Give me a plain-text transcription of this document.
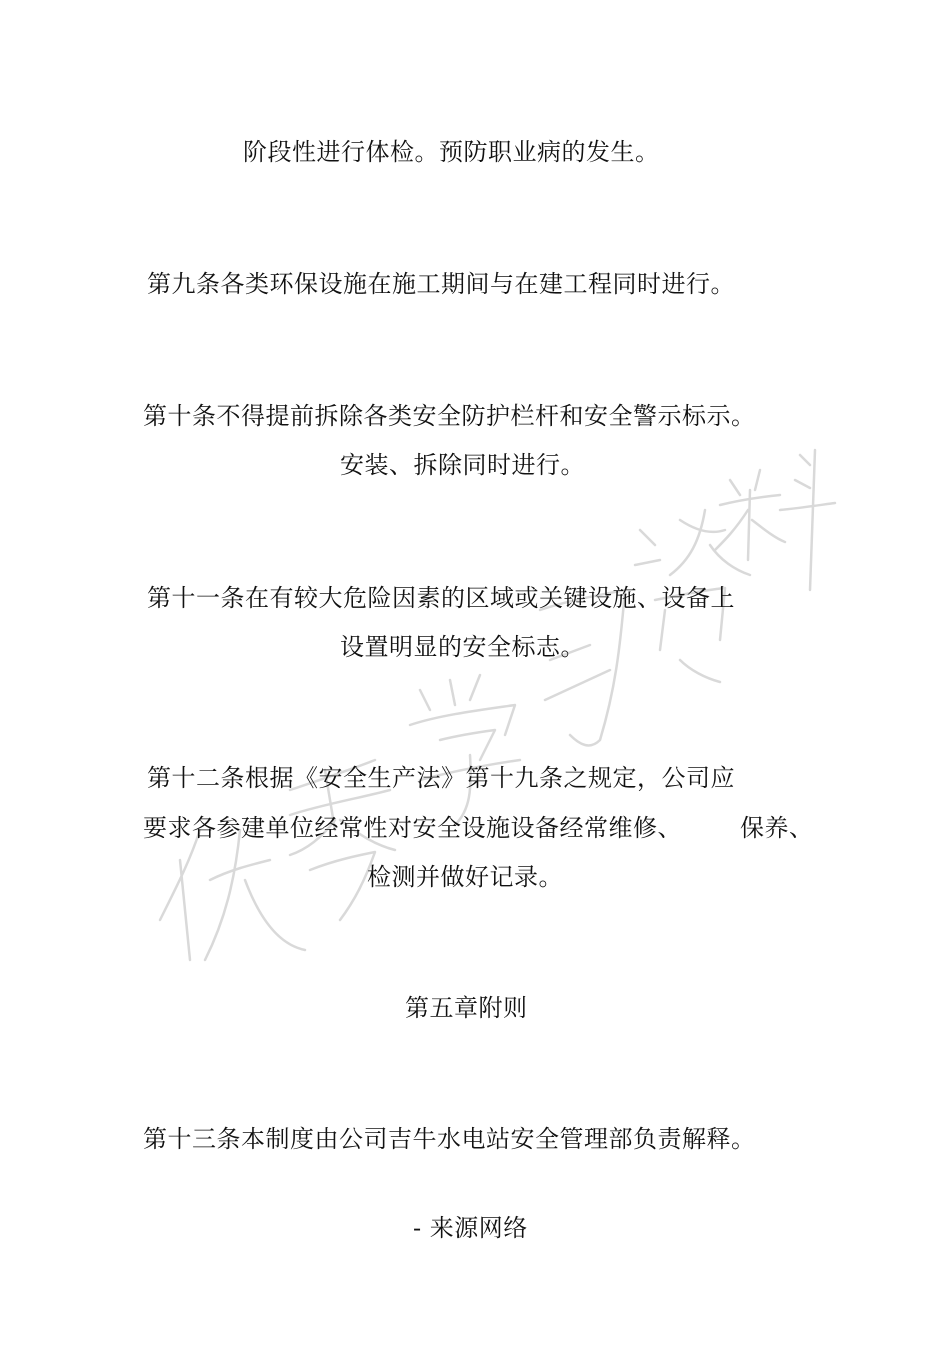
阶段性进行体检。预防职业病的发生。
第九条各类环保设施在施工期间与在建工程同时进行。
第十条不得提前拆除各类安全防护栏杆和安全警示标示。
安装、拆除同时进行。
第十一条在有较大危险因素的区域或关键设施、设备上
设置明显的安全标志。
第十二条根据《安全生产法》第十九条之规定，公司应
要求各参建单位经常性对安全设施设备经常维修、 保养、
检测并做好记录。
第五章附则
第十三条本制度由公司吉牛水电站安全管理部负责解释。
- 来源网络
